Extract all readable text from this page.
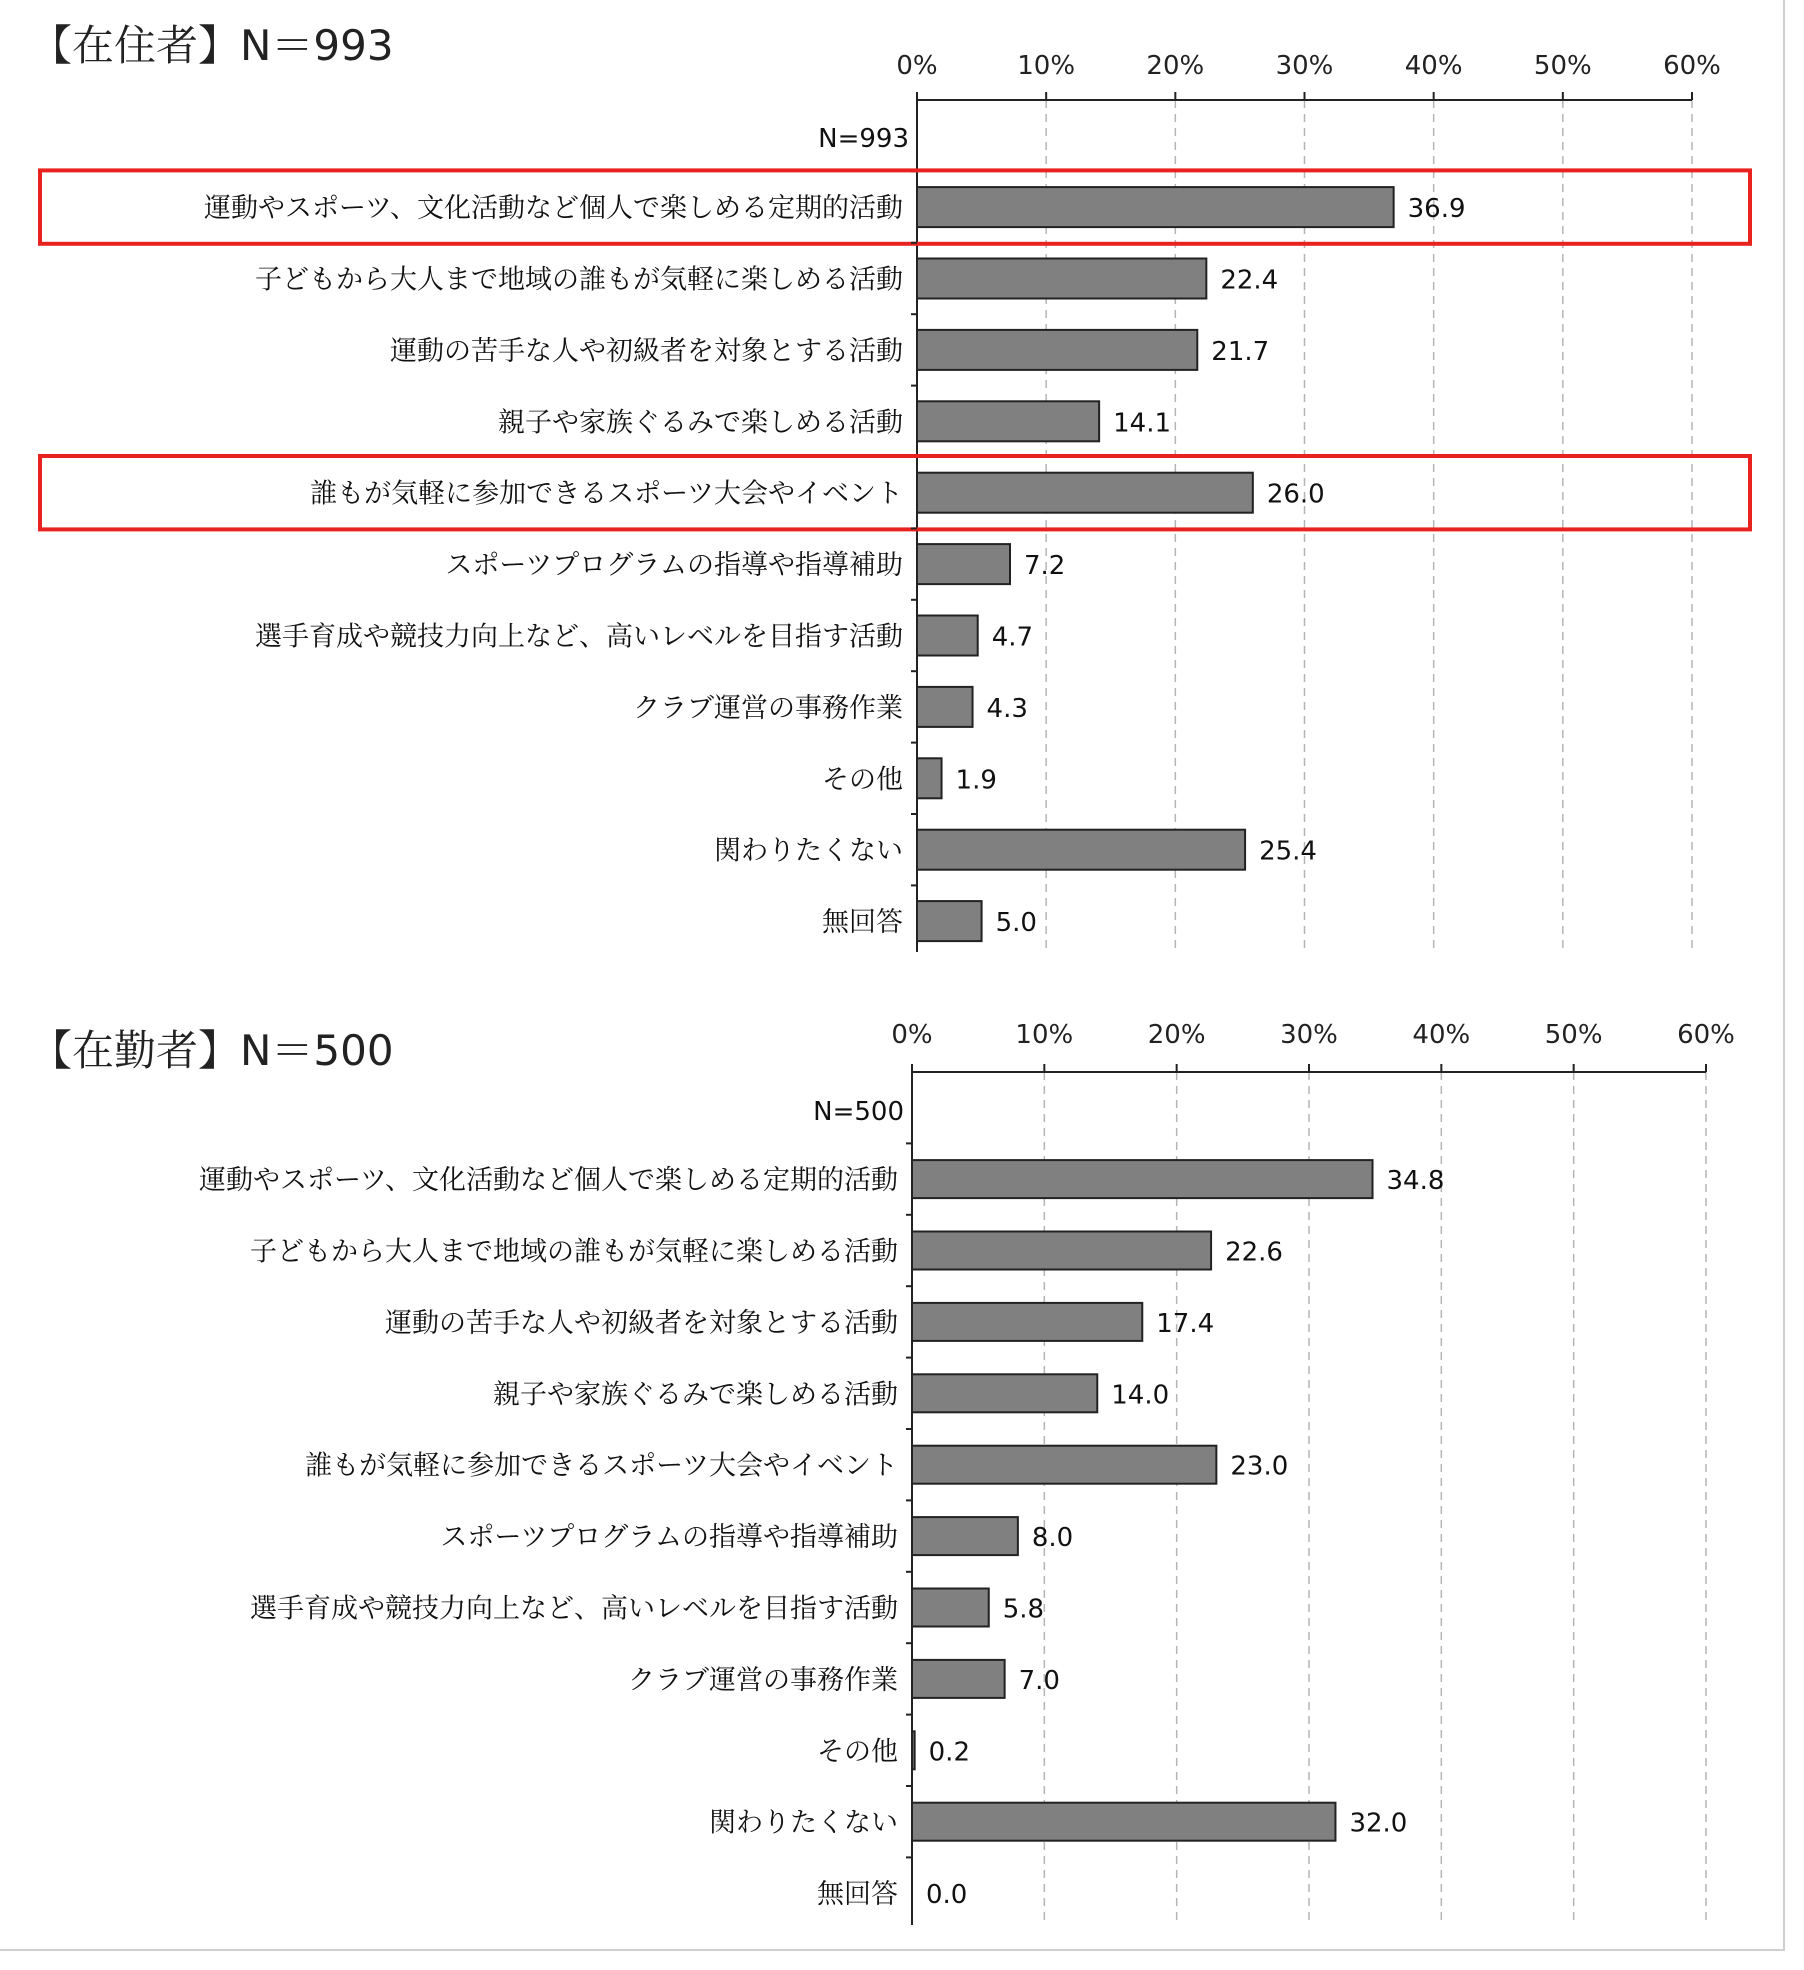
【在住者】N＝993	0%	10%	20%	30%	40%	50%	60%
N=993
運動やスポーツ、文化活動など個人で楽しめる定期的活動	36.9
子どもから大人まで地域の誰もが気軽に楽しめる活動	22.4
運動の苦手な人や初級者を対象とする活動	21.7
親子や家族ぐるみで楽しめる活動	14.1
誰もが気軽に参加できるスポーツ大会やイベント	26.0
スポーツプログラムの指導や指導補助	7.2
選手育成や競技力向上など、高いレベルを目指す活動	4.7
クラブ運営の事務作業	4.3
その他 1.9
関わりたくない	25.4
無回答	5.0
【在勤者】N＝500	0%	10%	20%	30%	40%	50%	60%
N=500
運動やスポーツ、文化活動など個人で楽しめる定期的活動	34.8
子どもから大人まで地域の誰もが気軽に楽しめる活動	22.6
運動の苦手な人や初級者を対象とする活動	17.4
親子や家族ぐるみで楽しめる活動	14.0
誰もが気軽に参加できるスポーツ大会やイベント	23.0
スポーツプログラムの指導や指導補助	8.0
選手育成や競技力向上など、高いレベルを目指す活動	5.8
クラブ運営の事務作業	7.0
その他 0.2
関わりたくない	32.0
無回答 0.0
